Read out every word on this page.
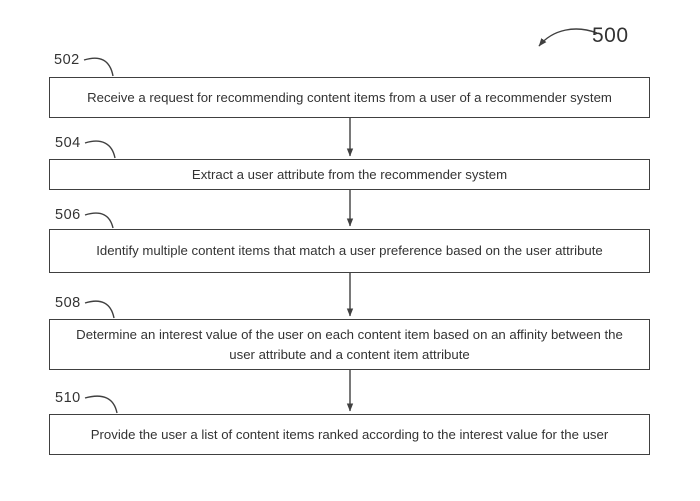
500
502
Receive a request for recommending content items from a user of a recommender system
504
Extract a user attribute from the recommender system
506
Identify multiple content items that match a user preference based on the user attribute
508
Determine an interest value of the user on each content item based on an affinity between the user attribute and a content item attribute
510
Provide the user a list of content items ranked according to the interest value for the user
